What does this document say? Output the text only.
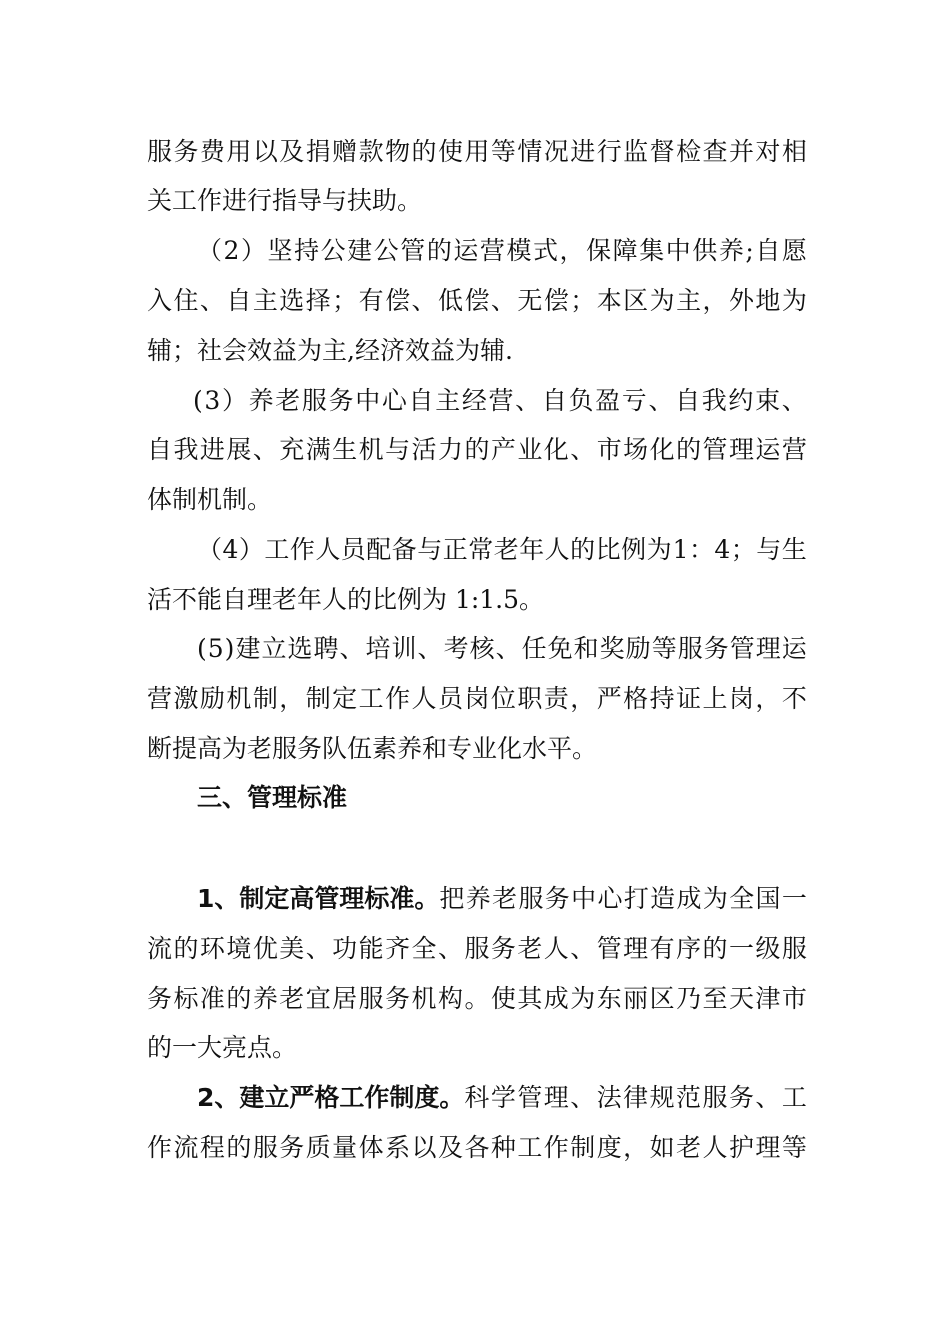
服 务 费 用 以 及 捐 赠 款 物 的 使 用 等 情 况 进 行 监 督 检 查 并 对 相
关工作进行指导与扶助。
（ 2 ） 坚 持 公 建 公 管 的 运 营 模 式 ， 保 障 集 中 供 养 ; 自 愿
入 住 、 自 主 选 择 ； 有 偿 、 低 偿 、 无 偿 ； 本 区 为 主 ， 外 地 为
辅；社会效益为主,经济效益为辅.
( 3 ） 养 老 服 务 中 心 自 主 经 营 、 自 负 盈 亏 、 自 我 约 束 、
自 我 进 展 、 充 满 生 机 与 活 力 的 产 业 化 、 市 场 化 的 管 理 运 营
体制机制。
（ 4 ） 工 作 人 员 配 备 与 正 常 老 年 人 的 比 例 为 1 ： 4 ； 与 生
活不能自理老年人的比例为 1:1.5。
( 5 ) 建 立 选 聘 、 培 训 、 考 核 、 任 免 和 奖 励 等 服 务 管 理 运
营 激 励 机 制 ， 制 定 工 作 人 员 岗 位 职 责 ， 严 格 持 证 上 岗 ， 不
断提高为老服务队伍素养和专业化水平。
三、管理标准
1、制定高管理标准。 把 养 老 服 务 中 心 打 造 成 为 全 国 一
流 的 环 境 优 美 、 功 能 齐 全 、 服 务 老 人 、 管 理 有 序 的 一 级 服
务 标 准 的 养 老 宜 居 服 务 机 构 。 使 其 成 为 东 丽 区 乃 至 天 津 市
的一大亮点。
2、建立严格工作制度。 科 学 管 理 、 法 律 规 范 服 务 、 工
作 流 程 的 服 务 质 量 体 系 以 及 各 种 工 作 制 度 ， 如 老 人 护 理 等
